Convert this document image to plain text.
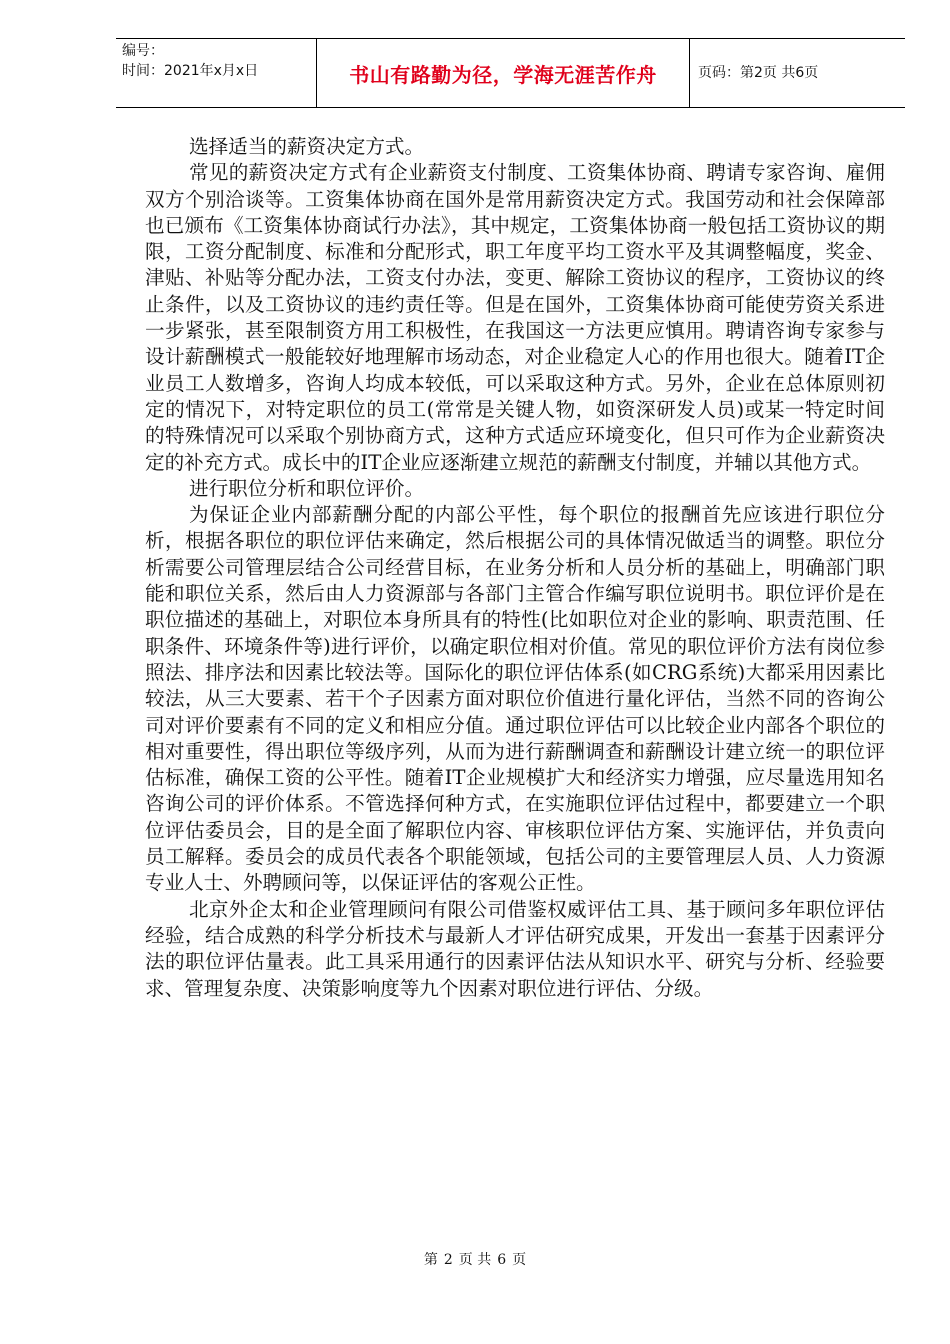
编号：
时间：2021年x月x日	书山有路勤为径，学海无涯苦作舟	页码：第2页 共6页

选择适当的薪资决定方式。

常见的薪资决定方式有企业薪资支付制度、工资集体协商、聘请专家咨询、雇佣双方个别洽谈等。工资集体协商在国外是常用薪资决定方式。我国劳动和社会保障部也已颁布《工资集体协商试行办法》，其中规定，工资集体协商一般包括工资协议的期限，工资分配制度、标准和分配形式，职工年度平均工资水平及其调整幅度，奖金、津贴、补贴等分配办法，工资支付办法，变更、解除工资协议的程序，工资协议的终止条件，以及工资协议的违约责任等。但是在国外，工资集体协商可能使劳资关系进一步紧张，甚至限制资方用工积极性，在我国这一方法更应慎用。聘请咨询专家参与设计薪酬模式一般能较好地理解市场动态，对企业稳定人心的作用也很大。随着IT企业员工人数增多，咨询人均成本较低，可以采取这种方式。另外，企业在总体原则初定的情况下，对特定职位的员工(常常是关键人物，如资深研发人员)或某一特定时间的特殊情况可以采取个别协商方式，这种方式适应环境变化，但只可作为企业薪资决定的补充方式。成长中的IT企业应逐渐建立规范的薪酬支付制度，并辅以其他方式。

进行职位分析和职位评价。

为保证企业内部薪酬分配的内部公平性，每个职位的报酬首先应该进行职位分析，根据各职位的职位评估来确定，然后根据公司的具体情况做适当的调整。职位分析需要公司管理层结合公司经营目标，在业务分析和人员分析的基础上，明确部门职能和职位关系，然后由人力资源部与各部门主管合作编写职位说明书。职位评价是在职位描述的基础上，对职位本身所具有的特性(比如职位对企业的影响、职责范围、任职条件、环境条件等)进行评价，以确定职位相对价值。常见的职位评价方法有岗位参照法、排序法和因素比较法等。国际化的职位评估体系(如CRG系统)大都采用因素比较法，从三大要素、若干个子因素方面对职位价值进行量化评估，当然不同的咨询公司对评价要素有不同的定义和相应分值。通过职位评估可以比较企业内部各个职位的相对重要性，得出职位等级序列，从而为进行薪酬调查和薪酬设计建立统一的职位评估标准，确保工资的公平性。随着IT企业规模扩大和经济实力增强，应尽量选用知名咨询公司的评价体系。不管选择何种方式，在实施职位评估过程中，都要建立一个职位评估委员会，目的是全面了解职位内容、审核职位评估方案、实施评估，并负责向员工解释。委员会的成员代表各个职能领域，包括公司的主要管理层人员、人力资源专业人士、外聘顾问等，以保证评估的客观公正性。

北京外企太和企业管理顾问有限公司借鉴权威评估工具、基于顾问多年职位评估经验，结合成熟的科学分析技术与最新人才评估研究成果，开发出一套基于因素评分法的职位评估量表。此工具采用通行的因素评估法从知识水平、研究与分析、经验要求、管理复杂度、决策影响度等九个因素对职位进行评估、分级。

第 2 页 共 6 页
